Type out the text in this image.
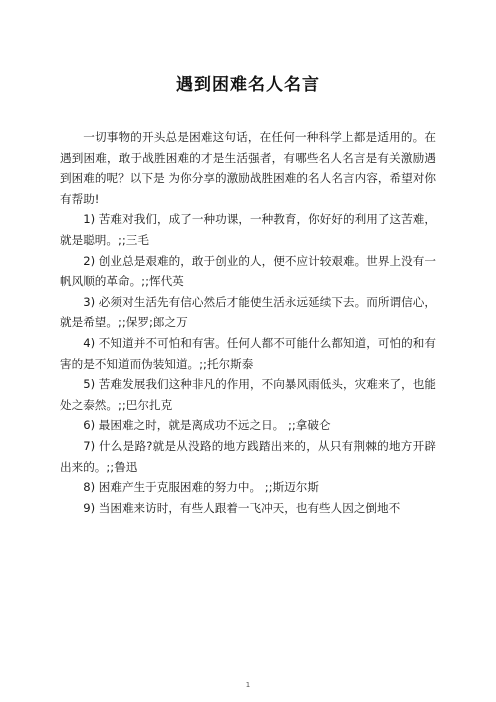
遇到困难名人名言

一切事物的开头总是困难这句话，在任何一种科学上都是适用的。在遇到困难，敢于战胜困难的才是生活强者，有哪些名人名言是有关激励遇到困难的呢？以下是 为你分享的激励战胜困难的名人名言内容，希望对你有帮助!

1) 苦难对我们，成了一种功课，一种教育，你好好的利用了这苦难，就是聪明。;;三毛

2) 创业总是艰难的，敢于创业的人，便不应计较艰难。世界上没有一帆风顺的革命。;;恽代英

3) 必须对生活先有信心然后才能使生活永远延续下去。而所谓信心，就是希望。;;保罗;郎之万

4) 不知道并不可怕和有害。任何人都不可能什么都知道，可怕的和有害的是不知道而伪装知道。;;托尔斯泰

5) 苦难发展我们这种非凡的作用，不向暴风雨低头，灾难来了，也能处之泰然。;;巴尔扎克

6) 最困难之时，就是离成功不远之日。 ;;拿破仑

7) 什么是路?就是从没路的地方践踏出来的，从只有荆棘的地方开辟出来的。;;鲁迅

8) 困难产生于克服困难的努力中。 ;;斯迈尔斯

9) 当困难来访时，有些人跟着一飞冲天，也有些人因之倒地不

1
